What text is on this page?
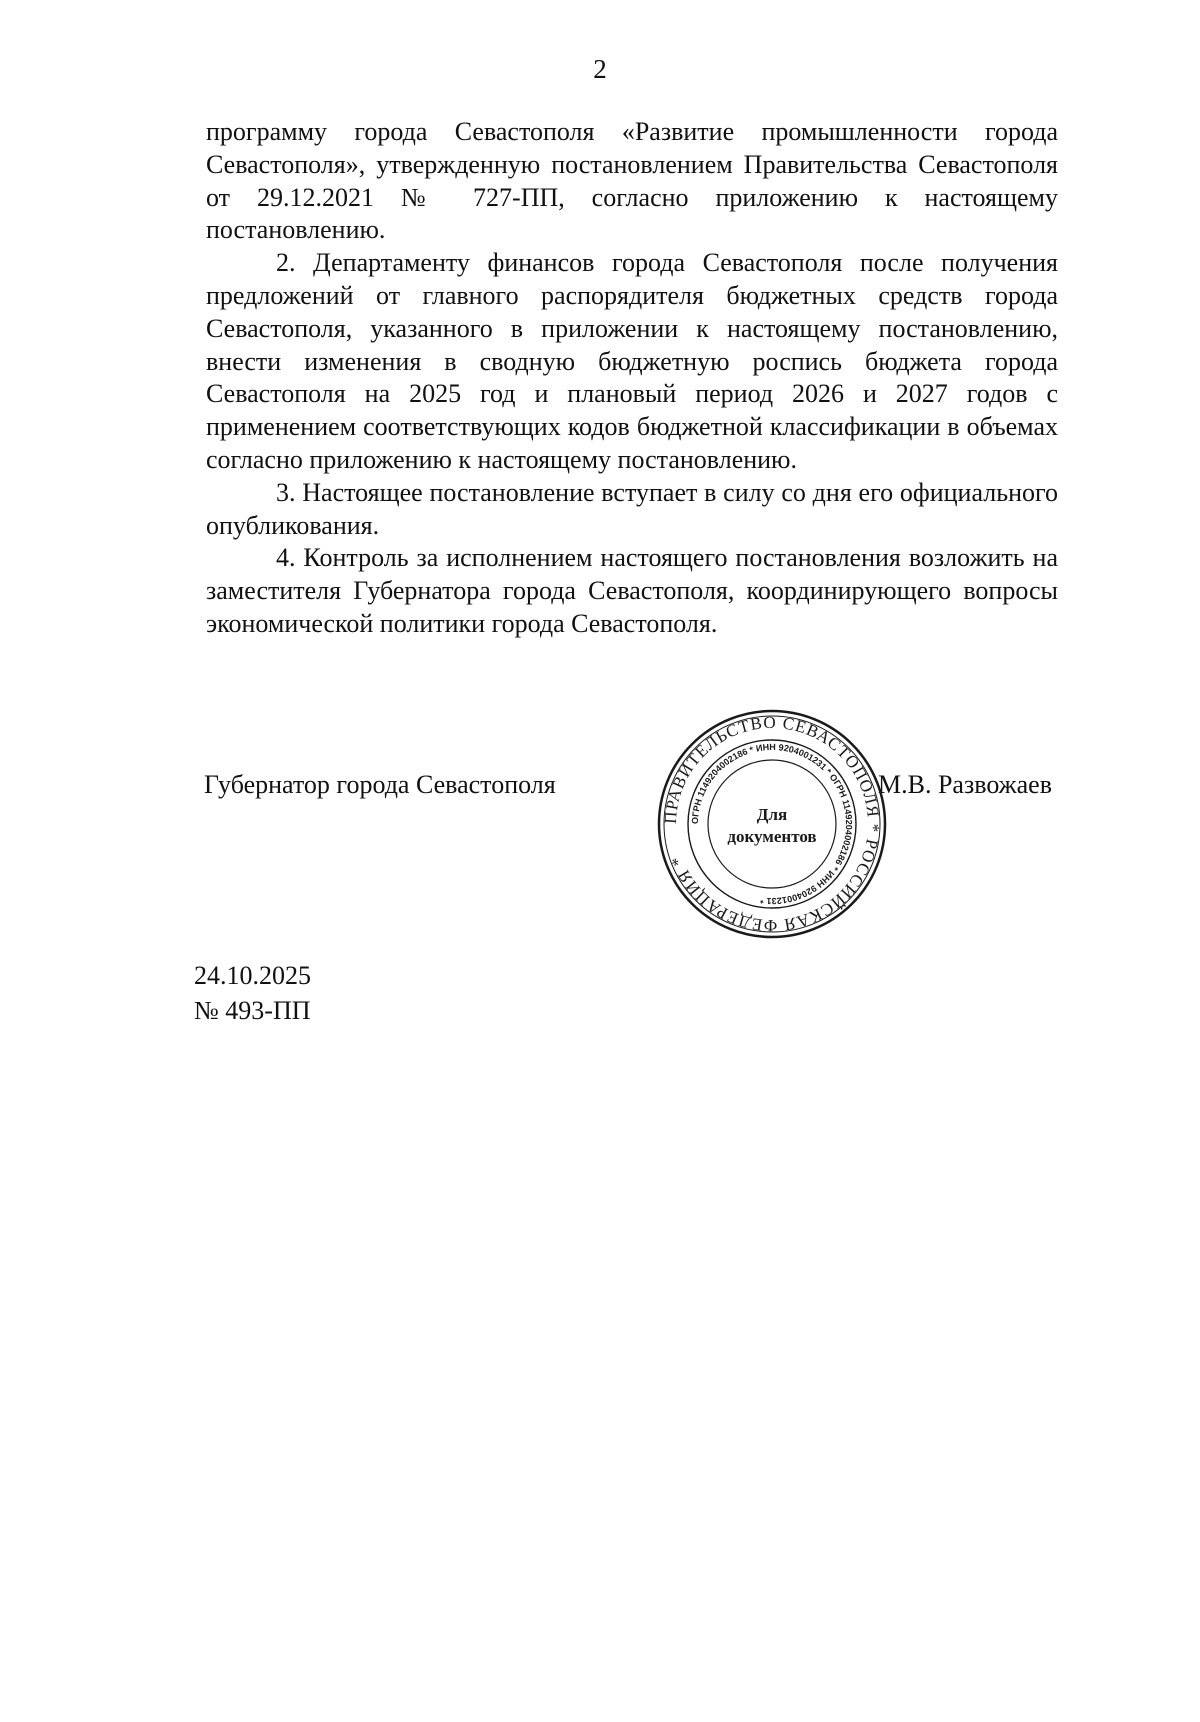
2

программу города Севастополя «Развитие промышленности города Севастополя», утвержденную постановлением Правительства Севастополя от 29.12.2021 № 727-ПП, согласно приложению к настоящему постановлению.

2. Департаменту финансов города Севастополя после получения предложений от главного распорядителя бюджетных средств города Севастополя, указанного в приложении к настоящему постановлению, внести изменения в сводную бюджетную роспись бюджета города Севастополя на 2025 год и плановый период 2026 и 2027 годов с применением соответствующих кодов бюджетной классификации в объемах согласно приложению к настоящему постановлению.

3. Настоящее постановление вступает в силу со дня его официального опубликования.

4. Контроль за исполнением настоящего постановления возложить на заместителя Губернатора города Севастополя, координирующего вопросы экономической политики города Севастополя.

Губернатор города Севастополя	М.В. Развожаев
ПРАВИТЕЛЬСТВО СЕВАСТОПОЛЯ * РОССИЙСКАЯ ФЕДЕРАЦИЯ *
ОГРН 1149204002186 * ИНН 9204001231 * ОГРН 1149204002186 * ИНН 9204001231 *
Для
документов
24.10.2025
№ 493-ПП
